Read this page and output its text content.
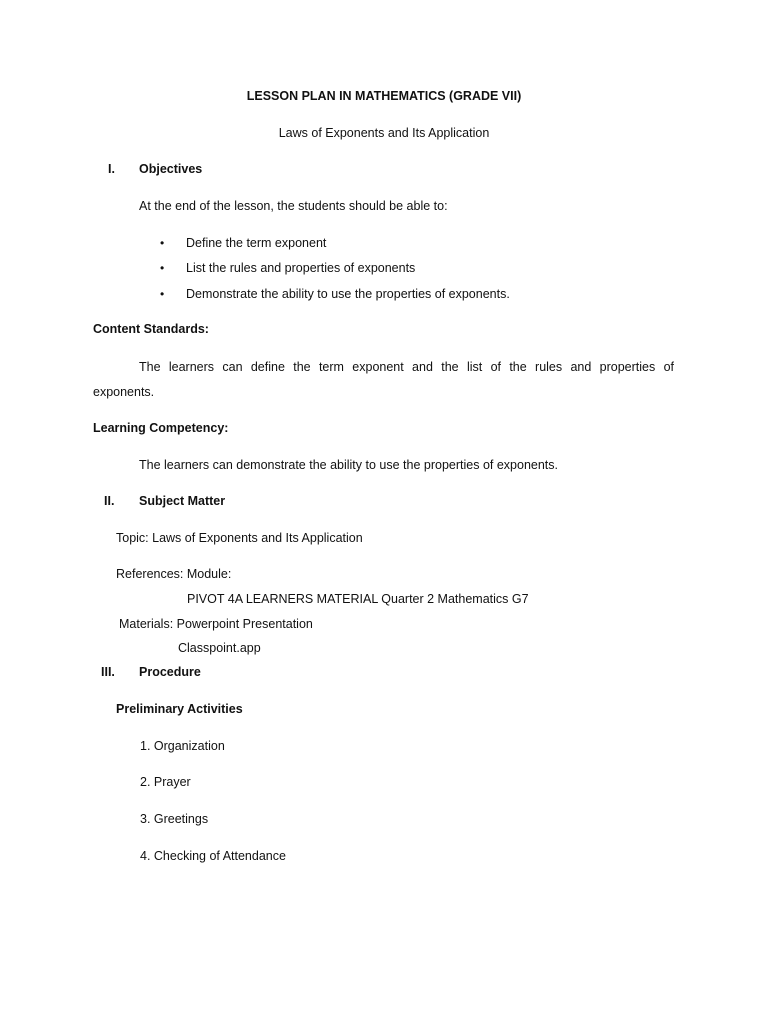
LESSON PLAN IN MATHEMATICS (GRADE VII)
Laws of Exponents and Its Application
I. Objectives
At the end of the lesson, the students should be able to:
• Define the term exponent
• List the rules and properties of exponents
• Demonstrate the ability to use the properties of exponents.
Content Standards:
The learners can define the term exponent and the list of the rules and properties of
exponents.
Learning Competency:
The learners can demonstrate the ability to use the properties of exponents.
II. Subject Matter
Topic: Laws of Exponents and Its Application
References: Module:
PIVOT 4A LEARNERS MATERIAL Quarter 2 Mathematics G7
Materials: Powerpoint Presentation
Classpoint.app
III. Procedure
Preliminary Activities
1. Organization
2. Prayer
3. Greetings
4. Checking of Attendance
